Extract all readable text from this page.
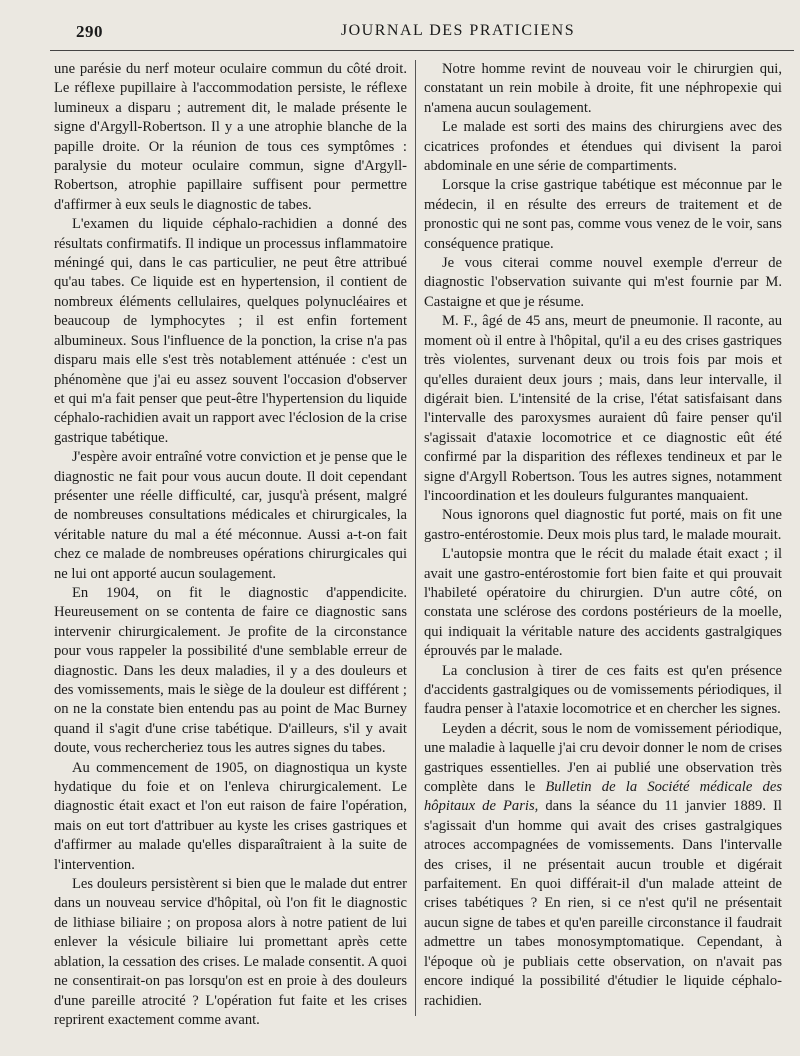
290	JOURNAL DES PRATICIENS

une parésie du nerf moteur oculaire commun du côté droit. Le réflexe pupillaire à l'accommodation persiste, le réflexe lumineux a disparu ; autrement dit, le malade présente le signe d'Argyll-Robertson. Il y a une atrophie blanche de la papille droite. Or la réunion de tous ces symptômes : paralysie du moteur oculaire commun, signe d'Argyll-Robertson, atrophie papillaire suffisent pour permettre d'affirmer à eux seuls le diagnostic de tabes.

L'examen du liquide céphalo-rachidien a donné des résultats confirmatifs. Il indique un processus inflammatoire méningé qui, dans le cas particulier, ne peut être attribué qu'au tabes. Ce liquide est en hypertension, il contient de nombreux éléments cellulaires, quelques polynucléaires et beaucoup de lymphocytes ; il est enfin fortement albumineux. Sous l'influence de la ponction, la crise n'a pas disparu mais elle s'est très notablement atténuée : c'est un phénomène que j'ai eu assez souvent l'occasion d'observer et qui m'a fait penser que peut-être l'hypertension du liquide céphalo-rachidien avait un rapport avec l'éclosion de la crise gastrique tabétique.

J'espère avoir entraîné votre conviction et je pense que le diagnostic ne fait pour vous aucun doute. Il doit cependant présenter une réelle difficulté, car, jusqu'à présent, malgré de nombreuses consultations médicales et chirurgicales, la véritable nature du mal a été méconnue. Aussi a-t-on fait chez ce malade de nombreuses opérations chirurgicales qui ne lui ont apporté aucun soulagement.

En 1904, on fit le diagnostic d'appendicite. Heureusement on se contenta de faire ce diagnostic sans intervenir chirurgicalement. Je profite de la circonstance pour vous rappeler la possibilité d'une semblable erreur de diagnostic. Dans les deux maladies, il y a des douleurs et des vomissements, mais le siège de la douleur est différent ; on ne la constate bien entendu pas au point de Mac Burney quand il s'agit d'une crise tabétique. D'ailleurs, s'il y avait doute, vous rechercheriez tous les autres signes du tabes.

Au commencement de 1905, on diagnostiqua un kyste hydatique du foie et on l'enleva chirurgicalement. Le diagnostic était exact et l'on eut raison de faire l'opération, mais on eut tort d'attribuer au kyste les crises gastriques et d'affirmer au malade qu'elles disparaîtraient à la suite de l'intervention.

Les douleurs persistèrent si bien que le malade dut entrer dans un nouveau service d'hôpital, où l'on fit le diagnostic de lithiase biliaire ; on proposa alors à notre patient de lui enlever la vésicule biliaire lui promettant après cette ablation, la cessation des crises. Le malade consentit. A quoi ne consentirait-on pas lorsqu'on est en proie à des douleurs d'une pareille atrocité ? L'opération fut faite et les crises reprirent exactement comme avant.

Notre homme revint de nouveau voir le chirurgien qui, constatant un rein mobile à droite, fit une néphropexie qui n'amena aucun soulagement.

Le malade est sorti des mains des chirurgiens avec des cicatrices profondes et étendues qui divisent la paroi abdominale en une série de compartiments.

Lorsque la crise gastrique tabétique est méconnue par le médecin, il en résulte des erreurs de traitement et de pronostic qui ne sont pas, comme vous venez de le voir, sans conséquence pratique.

Je vous citerai comme nouvel exemple d'erreur de diagnostic l'observation suivante qui m'est fournie par M. Castaigne et que je résume.

M. F., âgé de 45 ans, meurt de pneumonie. Il raconte, au moment où il entre à l'hôpital, qu'il a eu des crises gastriques très violentes, survenant deux ou trois fois par mois et qu'elles duraient deux jours ; mais, dans leur intervalle, il digérait bien. L'intensité de la crise, l'état satisfaisant dans l'intervalle des paroxysmes auraient dû faire penser qu'il s'agissait d'ataxie locomotrice et ce diagnostic eût été confirmé par la disparition des réflexes tendineux et par le signe d'Argyll Robertson. Tous les autres signes, notamment l'incoordination et les douleurs fulgurantes manquaient.

Nous ignorons quel diagnostic fut porté, mais on fit une gastro-entérostomie. Deux mois plus tard, le malade mourait.

L'autopsie montra que le récit du malade était exact ; il avait une gastro-entérostomie fort bien faite et qui prouvait l'habileté opératoire du chirurgien. D'un autre côté, on constata une sclérose des cordons postérieurs de la moelle, qui indiquait la véritable nature des accidents gastralgiques éprouvés par le malade.

La conclusion à tirer de ces faits est qu'en présence d'accidents gastralgiques ou de vomissements périodiques, il faudra penser à l'ataxie locomotrice et en chercher les signes.

Leyden a décrit, sous le nom de vomissement périodique, une maladie à laquelle j'ai cru devoir donner le nom de crises gastriques essentielles. J'en ai publié une observation très complète dans le Bulletin de la Société médicale des hôpitaux de Paris, dans la séance du 11 janvier 1889. Il s'agissait d'un homme qui avait des crises gastralgiques atroces accompagnées de vomissements. Dans l'intervalle des crises, il ne présentait aucun trouble et digérait parfaitement. En quoi différait-il d'un malade atteint de crises tabétiques ? En rien, si ce n'est qu'il ne présentait aucun signe de tabes et qu'en pareille circonstance il faudrait admettre un tabes monosymptomatique. Cependant, à l'époque où je publiais cette observation, on n'avait pas encore indiqué la possibilité d'étudier le liquide céphalo-rachidien.
